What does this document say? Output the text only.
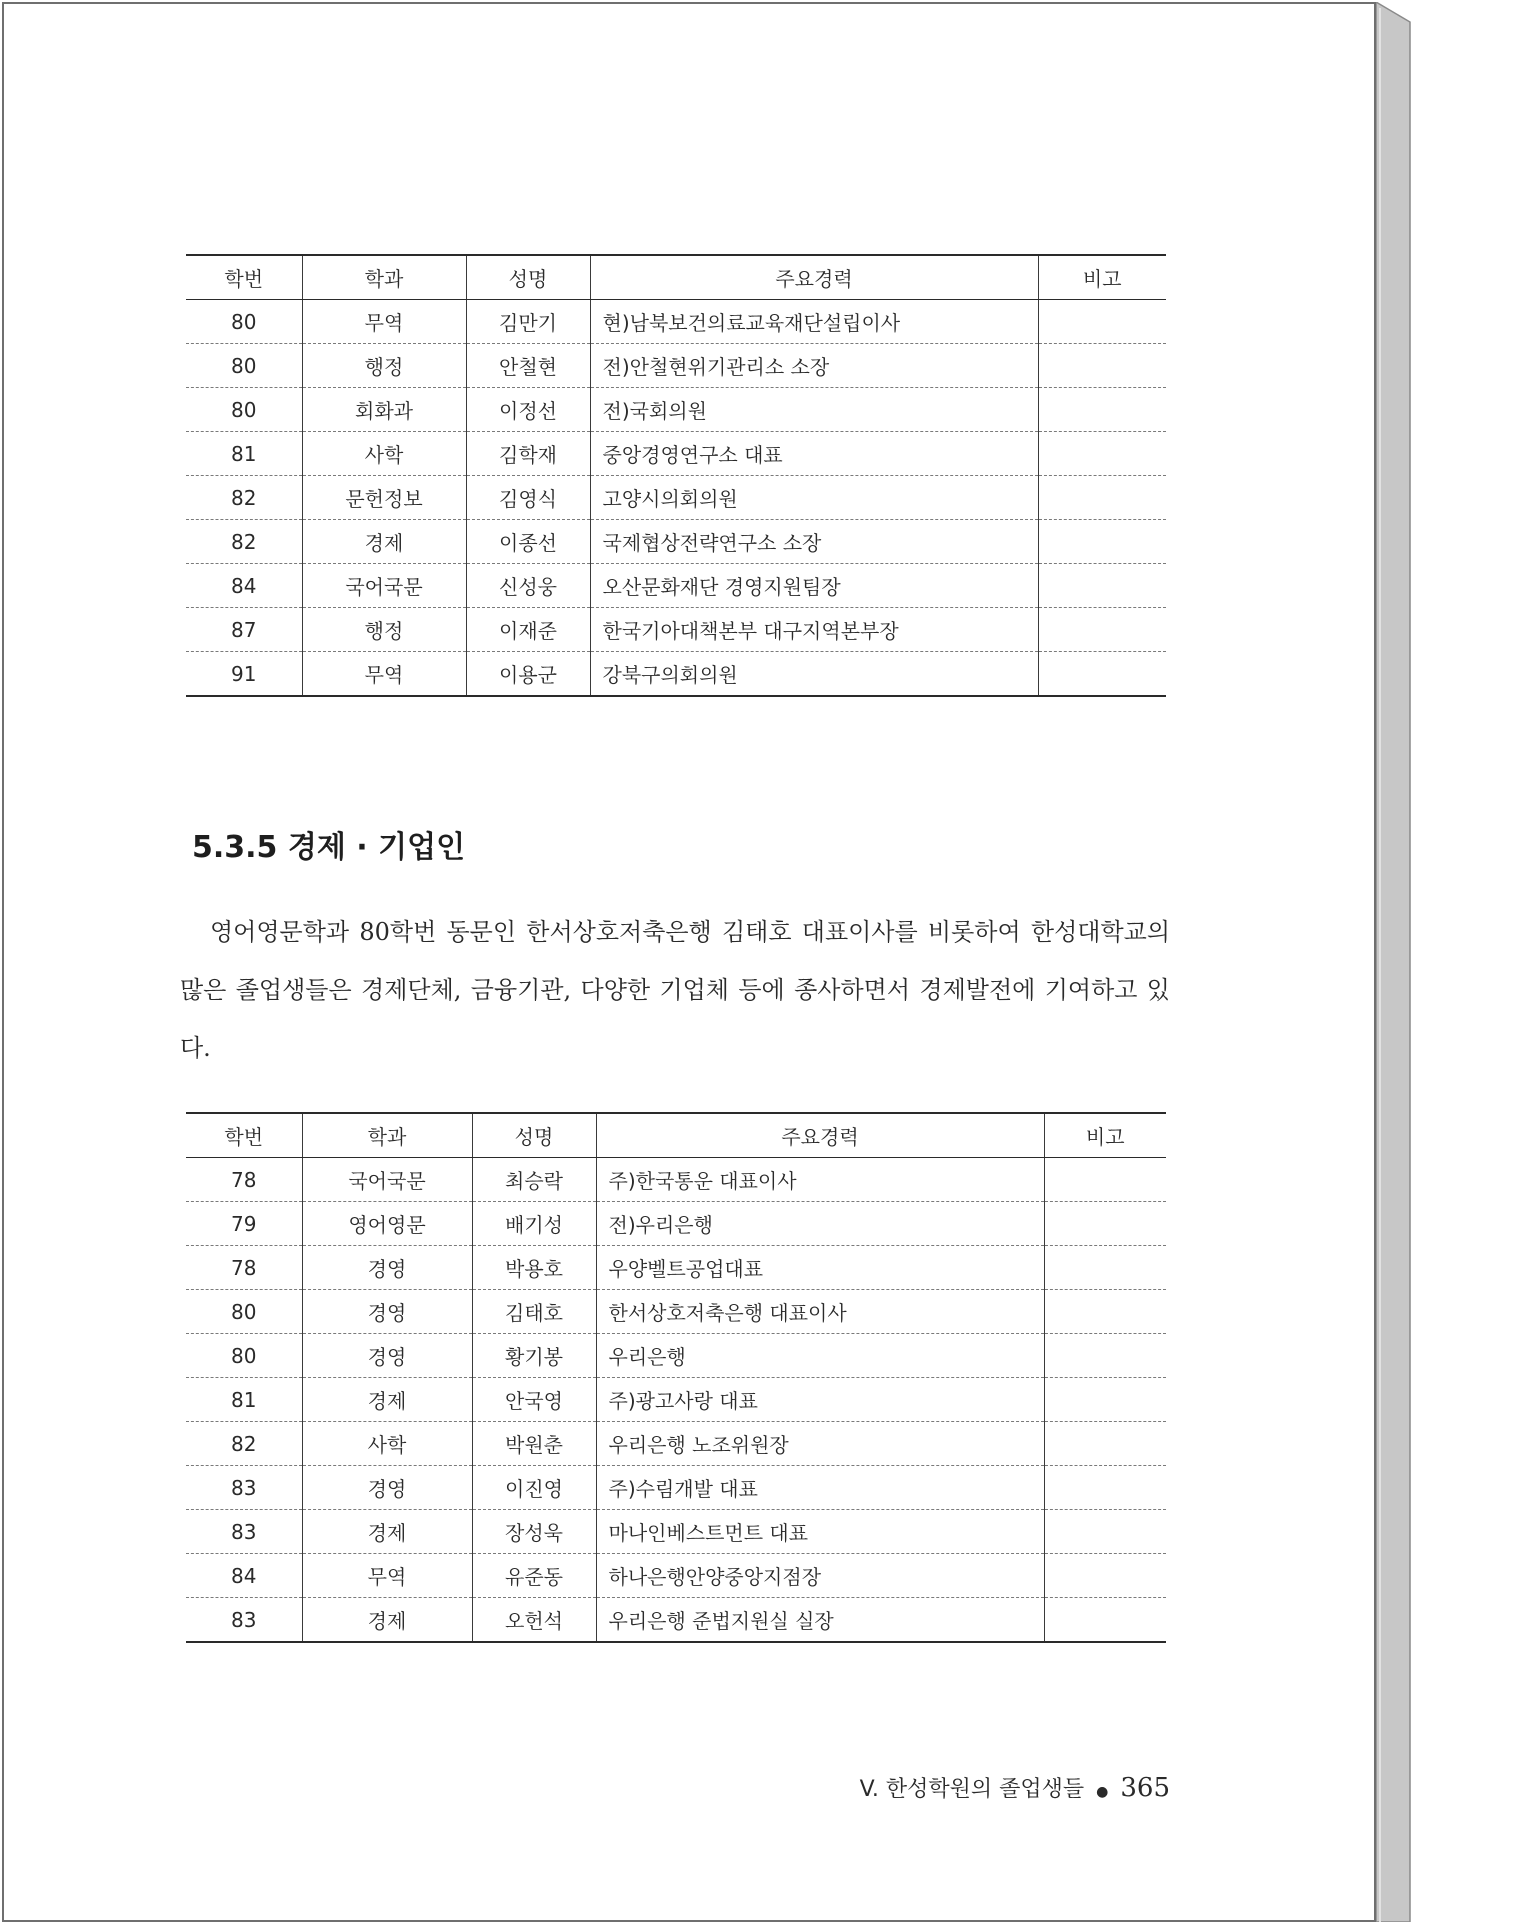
학번	학과	성명	주요경력	비고
80	무역	김만기	현)남북보건의료교육재단설립이사	
80	행정	안철현	전)안철현위기관리소 소장	
80	회화과	이정선	전)국회의원	
81	사학	김학재	중앙경영연구소 대표	
82	문헌정보	김영식	고양시의회의원	
82	경제	이종선	국제협상전략연구소 소장	
84	국어국문	신성웅	오산문화재단 경영지원팀장	
87	행정	이재준	한국기아대책본부 대구지역본부장	
91	무역	이용군	강북구의회의원	
5.3.5 경제 · 기업인

영어영문학과 80학번 동문인 한서상호저축은행 김태호 대표이사를 비롯하여 한성대학교의 많은 졸업생들은 경제단체, 금융기관, 다양한 기업체 등에 종사하면서 경제발전에 기여하고 있다.

학번	학과	성명	주요경력	비고
78	국어국문	최승락	주)한국통운 대표이사	
79	영어영문	배기성	전)우리은행	
78	경영	박용호	우양벨트공업대표	
80	경영	김태호	한서상호저축은행 대표이사	
80	경영	황기봉	우리은행	
81	경제	안국영	주)광고사랑 대표	
82	사학	박원춘	우리은행 노조위원장	
83	경영	이진영	주)수림개발 대표	
83	경제	장성욱	마나인베스트먼트 대표	
84	무역	유준동	하나은행안양중앙지점장	
83	경제	오헌석	우리은행 준법지원실 실장	
V. 한성학원의 졸업생들 ● 365
